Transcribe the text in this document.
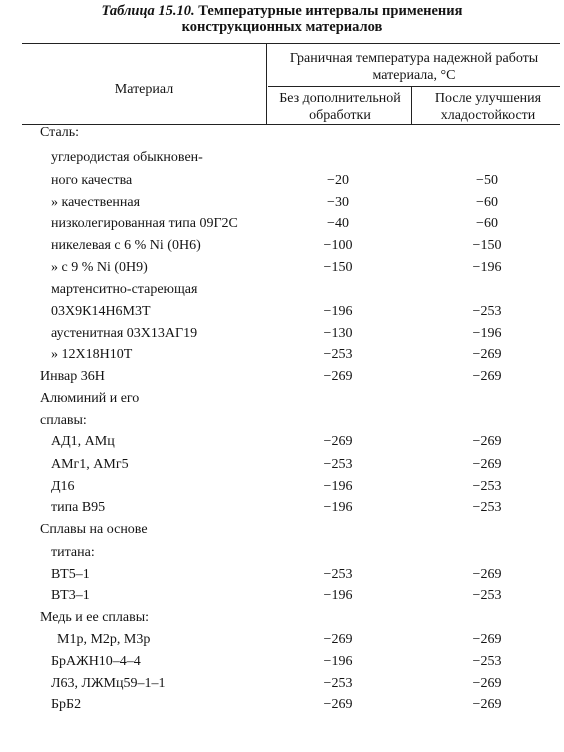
Таблица 15.10. Температурные интервалы применения
конструкционных материалов
Материал
Граничная температура надежной работы материала, °С
Без дополнительной обработки
После улучшения хладостойкости
Сталь:
углеродистая обыкновен-
ного качества	−20	−50
» качественная	−30	−60
низколегированная типа 09Г2С	−40	−60
никелевая с 6 % Ni (0Н6)	−100	−150
» с 9 % Ni (0Н9)	−150	−196
мартенситно-стареющая
03Х9К14Н6М3Т	−196	−253
аустенитная 03Х13АГ19	−130	−196
» 12Х18Н10Т	−253	−269
Инвар 36Н	−269	−269
Алюминий и его
сплавы:
АД1, АМц	−269	−269
АМг1, АМг5	−253	−269
Д16	−196	−253
типа В95	−196	−253
Сплавы на основе
титана:
ВТ5–1	−253	−269
ВТ3–1	−196	−253
Медь и ее сплавы:
М1р, М2р, М3р	−269	−269
БрАЖН10–4–4	−196	−253
Л63, ЛЖМц59–1–1	−253	−269
БрБ2	−269	−269
